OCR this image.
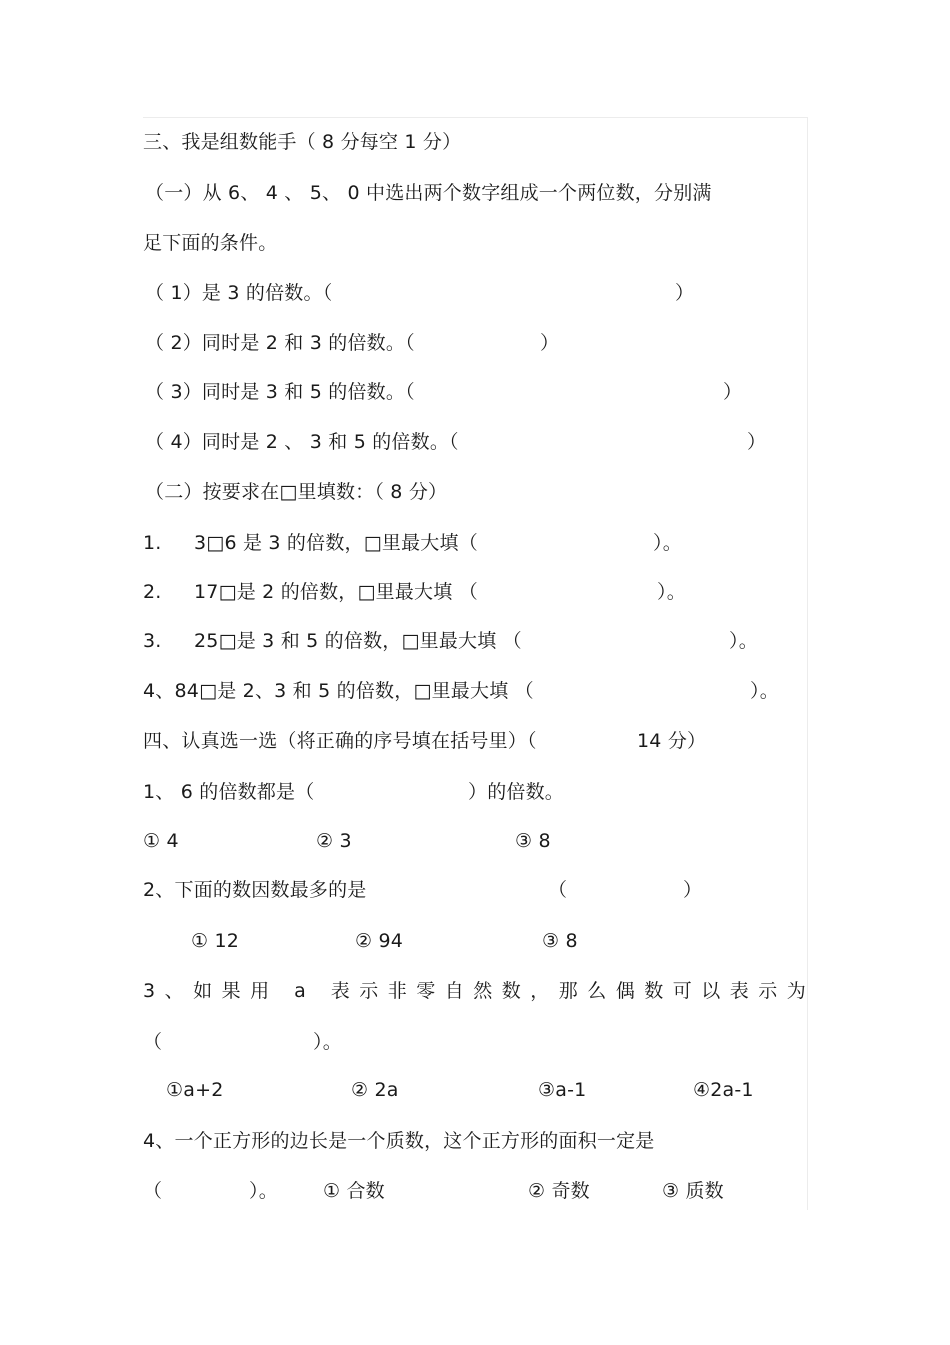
三、我是组数能手（ 8 分每空 1 分）
（一）从 6、 4 、 5、 0 中选出两个数字组成一个两位数，分别满
足下面的条件。
（ 1）是 3 的倍数。（	）
（ 2）同时是 2 和 3 的倍数。（	）
（ 3）同时是 3 和 5 的倍数。（	）
（ 4）同时是 2 、 3 和 5 的倍数。（	）
（二）按要求在□里填数：（ 8 分）
1. 3□6 是 3 的倍数，□里最大填（	）。
2. 17□是 2 的倍数，□里最大填 （	）。
3. 25□是 3 和 5 的倍数，□里最大填 （	）。
4、84□是 2、3 和 5 的倍数，□里最大填 （	）。
四、认真选一选（将正确的序号填在括号里）（	14 分）
1、 6 的倍数都是（	）的倍数。
① 4	② 3	③ 8
2、下面的数因数最多的是	（	）
① 12	② 94	③ 8
3、如果用 a 表示非零自然数，那么偶数可以表示为
（	）。
①a+2	② 2a	③a-1	④2a-1
4、一个正方形的边长是一个质数，这个正方形的面积一定是
（	）。 ① 合数	② 奇数	③ 质数
